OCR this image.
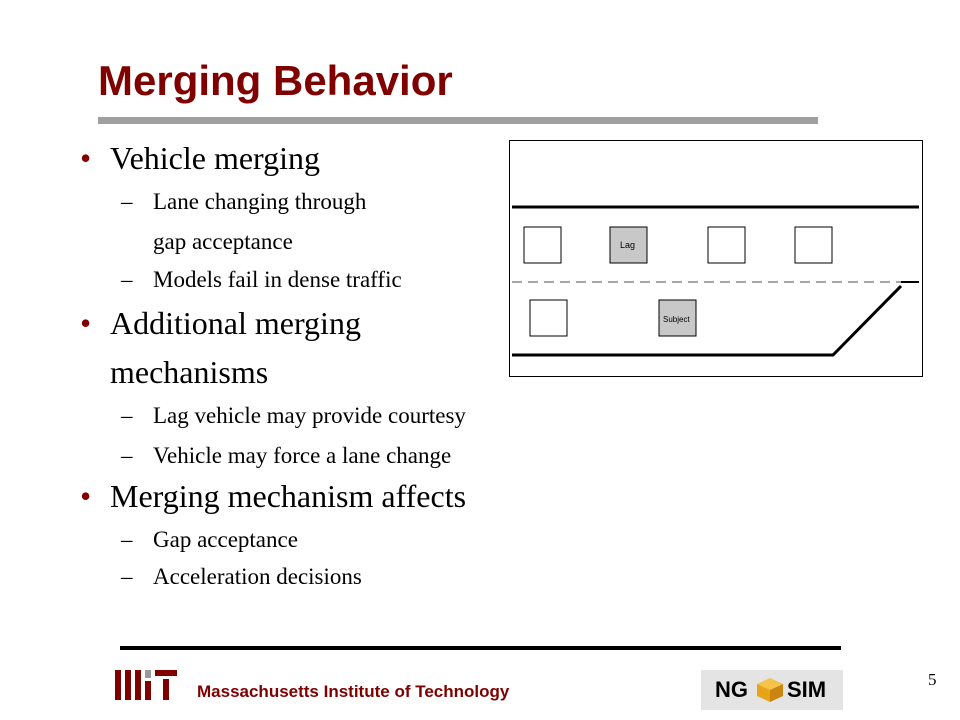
Merging Behavior
• Vehicle merging
– Lane changing through
gap acceptance
– Models fail in dense traffic
• Additional merging
mechanisms
– Lag vehicle may provide courtesy
– Vehicle may force a lane change
• Merging mechanism affects
– Gap acceptance
– Acceleration decisions
Lag
Subject
Massachusetts Institute of Technology	NG SIM	5
